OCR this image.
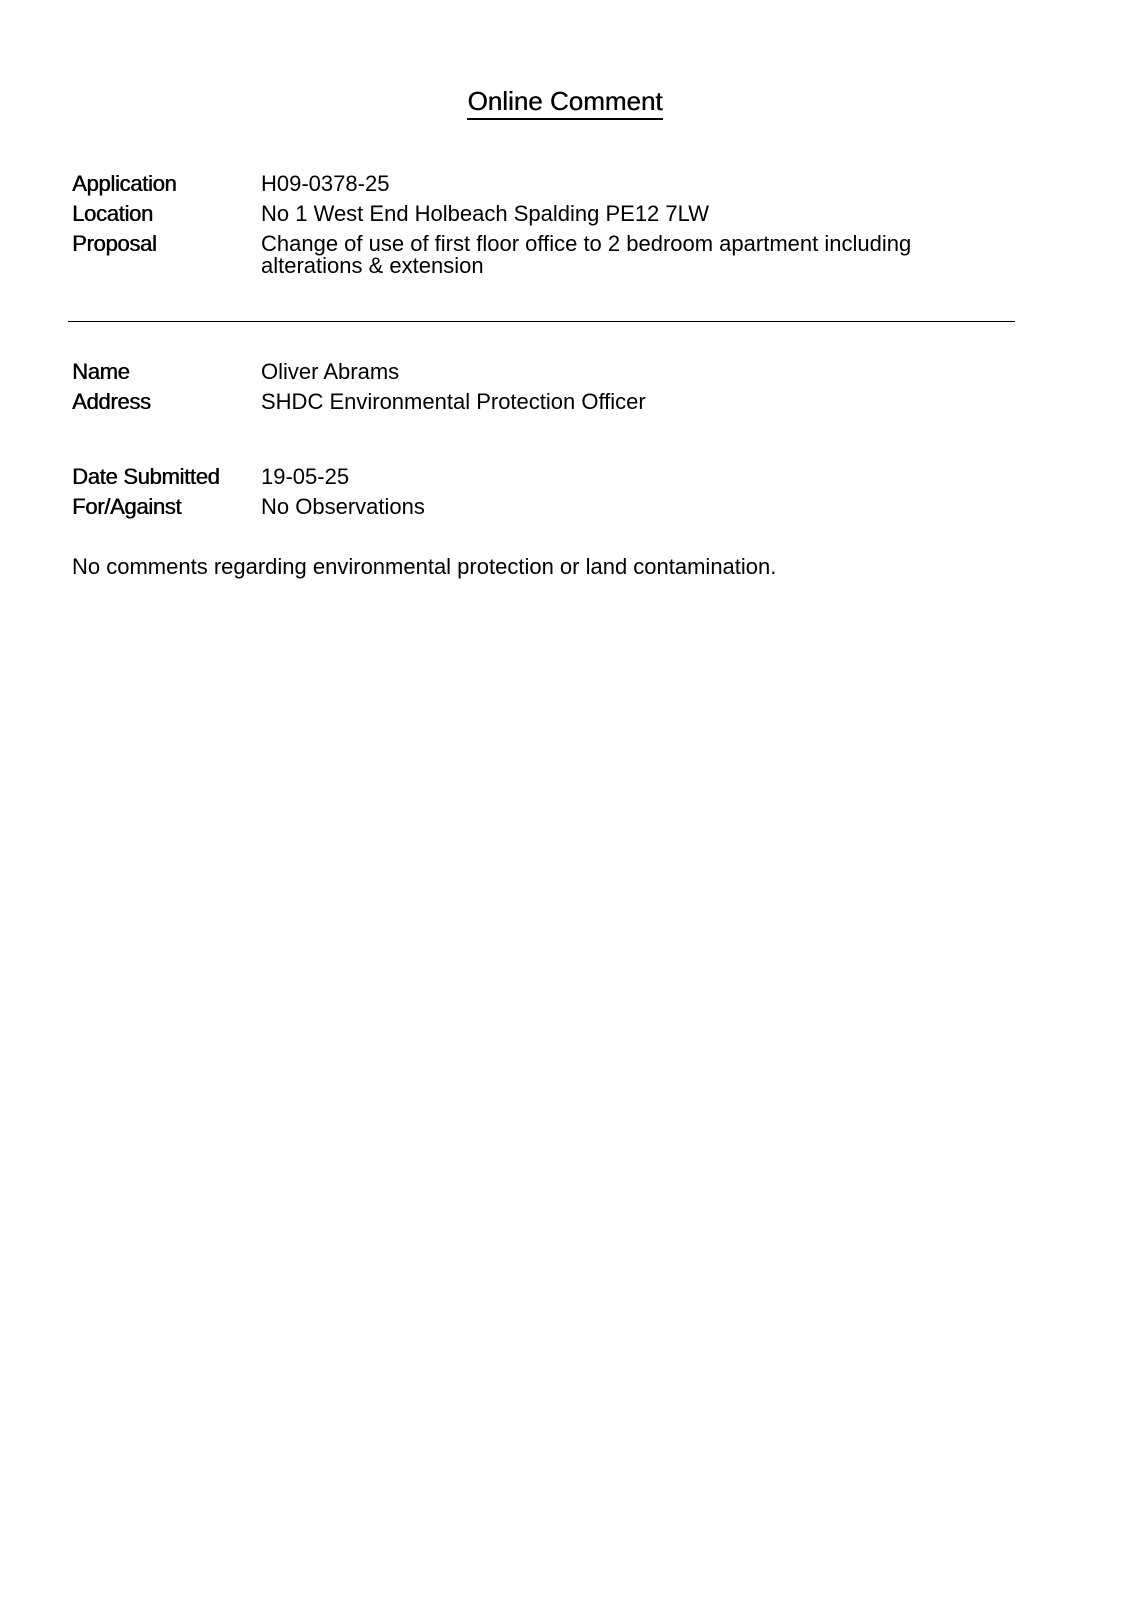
Online Comment
Application	H09-0378-25
Location	No 1 West End Holbeach Spalding PE12 7LW
Proposal	Change of use of first floor office to 2 bedroom apartment including
alterations & extension
Name	Oliver Abrams
Address	SHDC Environmental Protection Officer
Date Submitted	19-05-25
For/Against	No Observations
No comments regarding environmental protection or land contamination.
